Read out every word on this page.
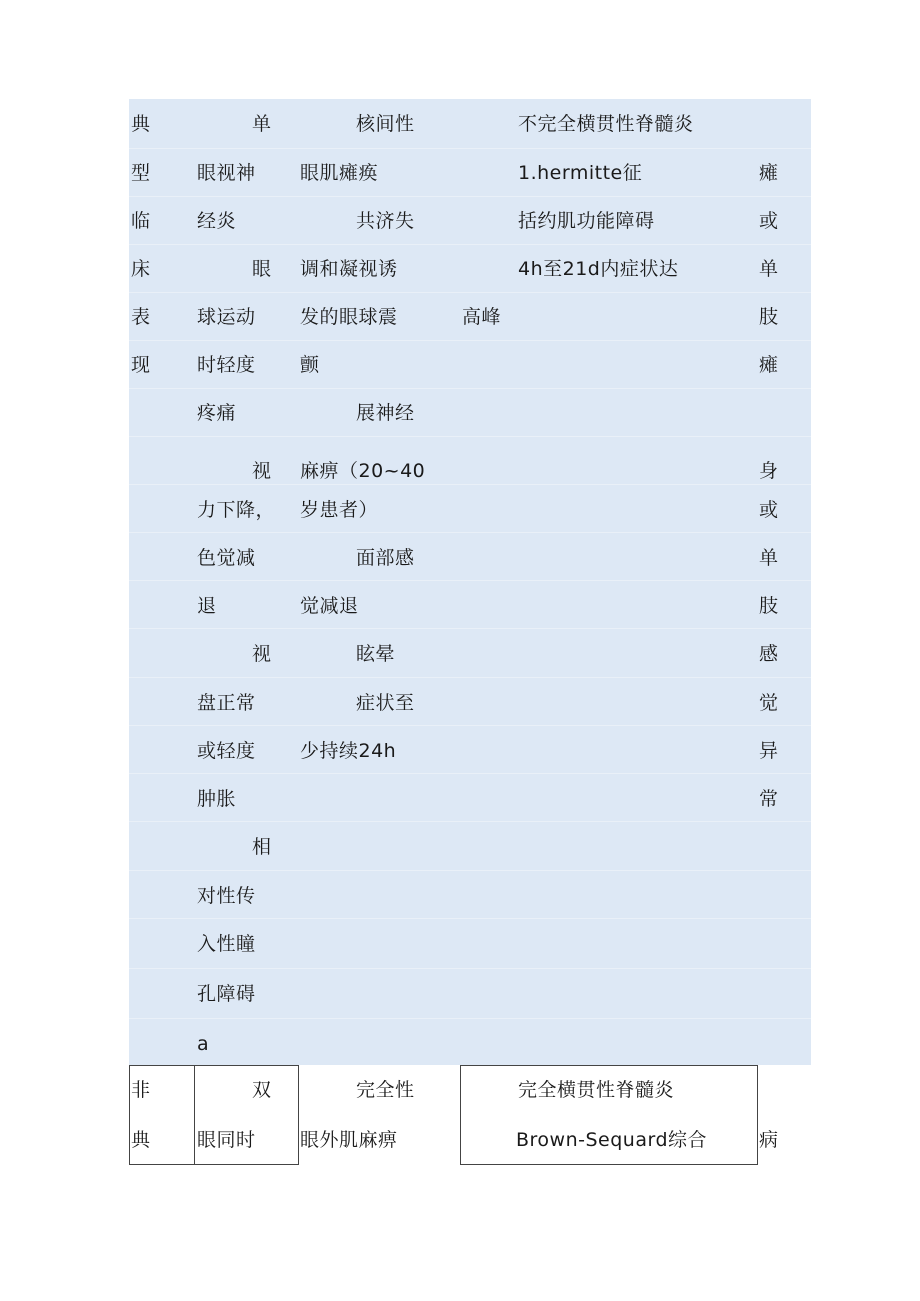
典
型
临
床
表
现
单
眼视神
经炎
眼
球运动
时轻度
疼痛
视
力下降，
色觉减
退
视
盘正常
或轻度
肿胀
相
对性传
入性瞳
孔障碍
a
核间性
眼肌瘫痪
共济失
调和凝视诱
发的眼球震
颤
展神经
麻痹（20~40
岁患者）
面部感
觉减退
眩晕
症状至
少持续24h
高峰
不完全横贯性脊髓炎
1.hermitte征
括约肌功能障碍
4h至21d内症状达
瘫
或
单
肢
瘫
身
或
单
肢
感
觉
异
常
非
典
双
眼同时
完全性
眼外肌麻痹
完全横贯性脊髓炎
Brown-Sequard综合	病
